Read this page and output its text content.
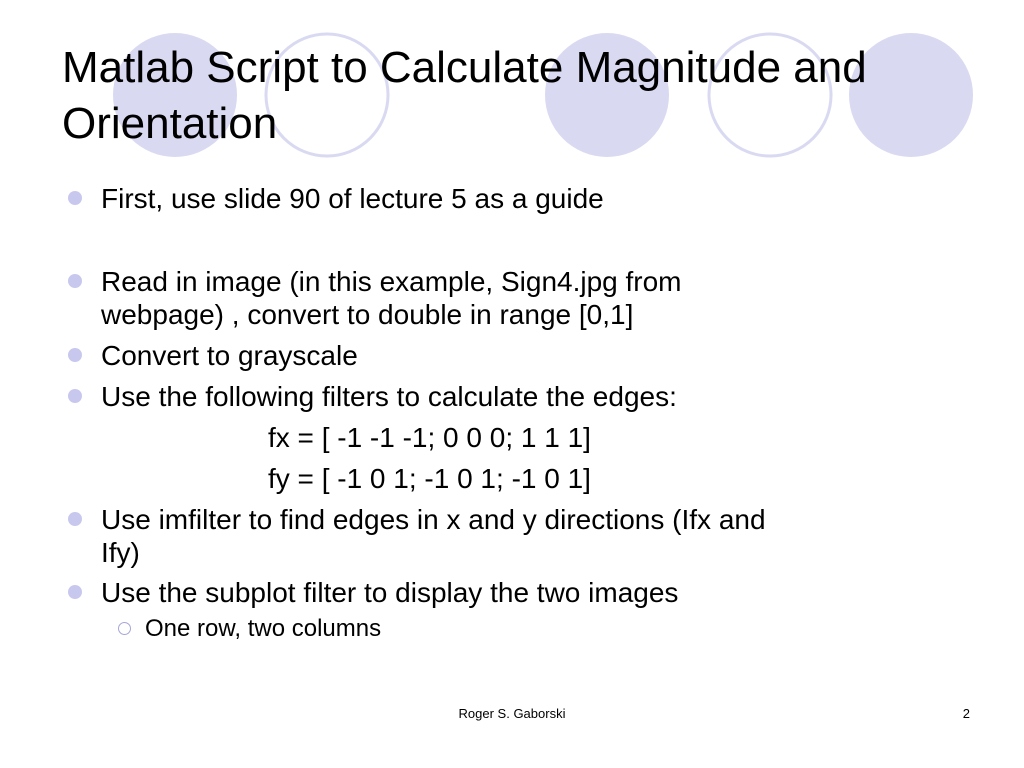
Matlab Script to Calculate Magnitude and
Orientation
First, use slide 90 of lecture 5 as a guide
Read in image (in this example, Sign4.jpg from
webpage) , convert to double in range [0,1]
Convert to grayscale
Use the following filters to calculate the edges:
fx = [ -1 -1 -1; 0 0 0; 1 1 1]
fy = [ -1 0 1; -1 0 1; -1 0 1]
Use imfilter to find edges in x and y directions (Ifx and
Ify)
Use the subplot filter to display the two images
One row, two columns
Roger S. Gaborski	2
